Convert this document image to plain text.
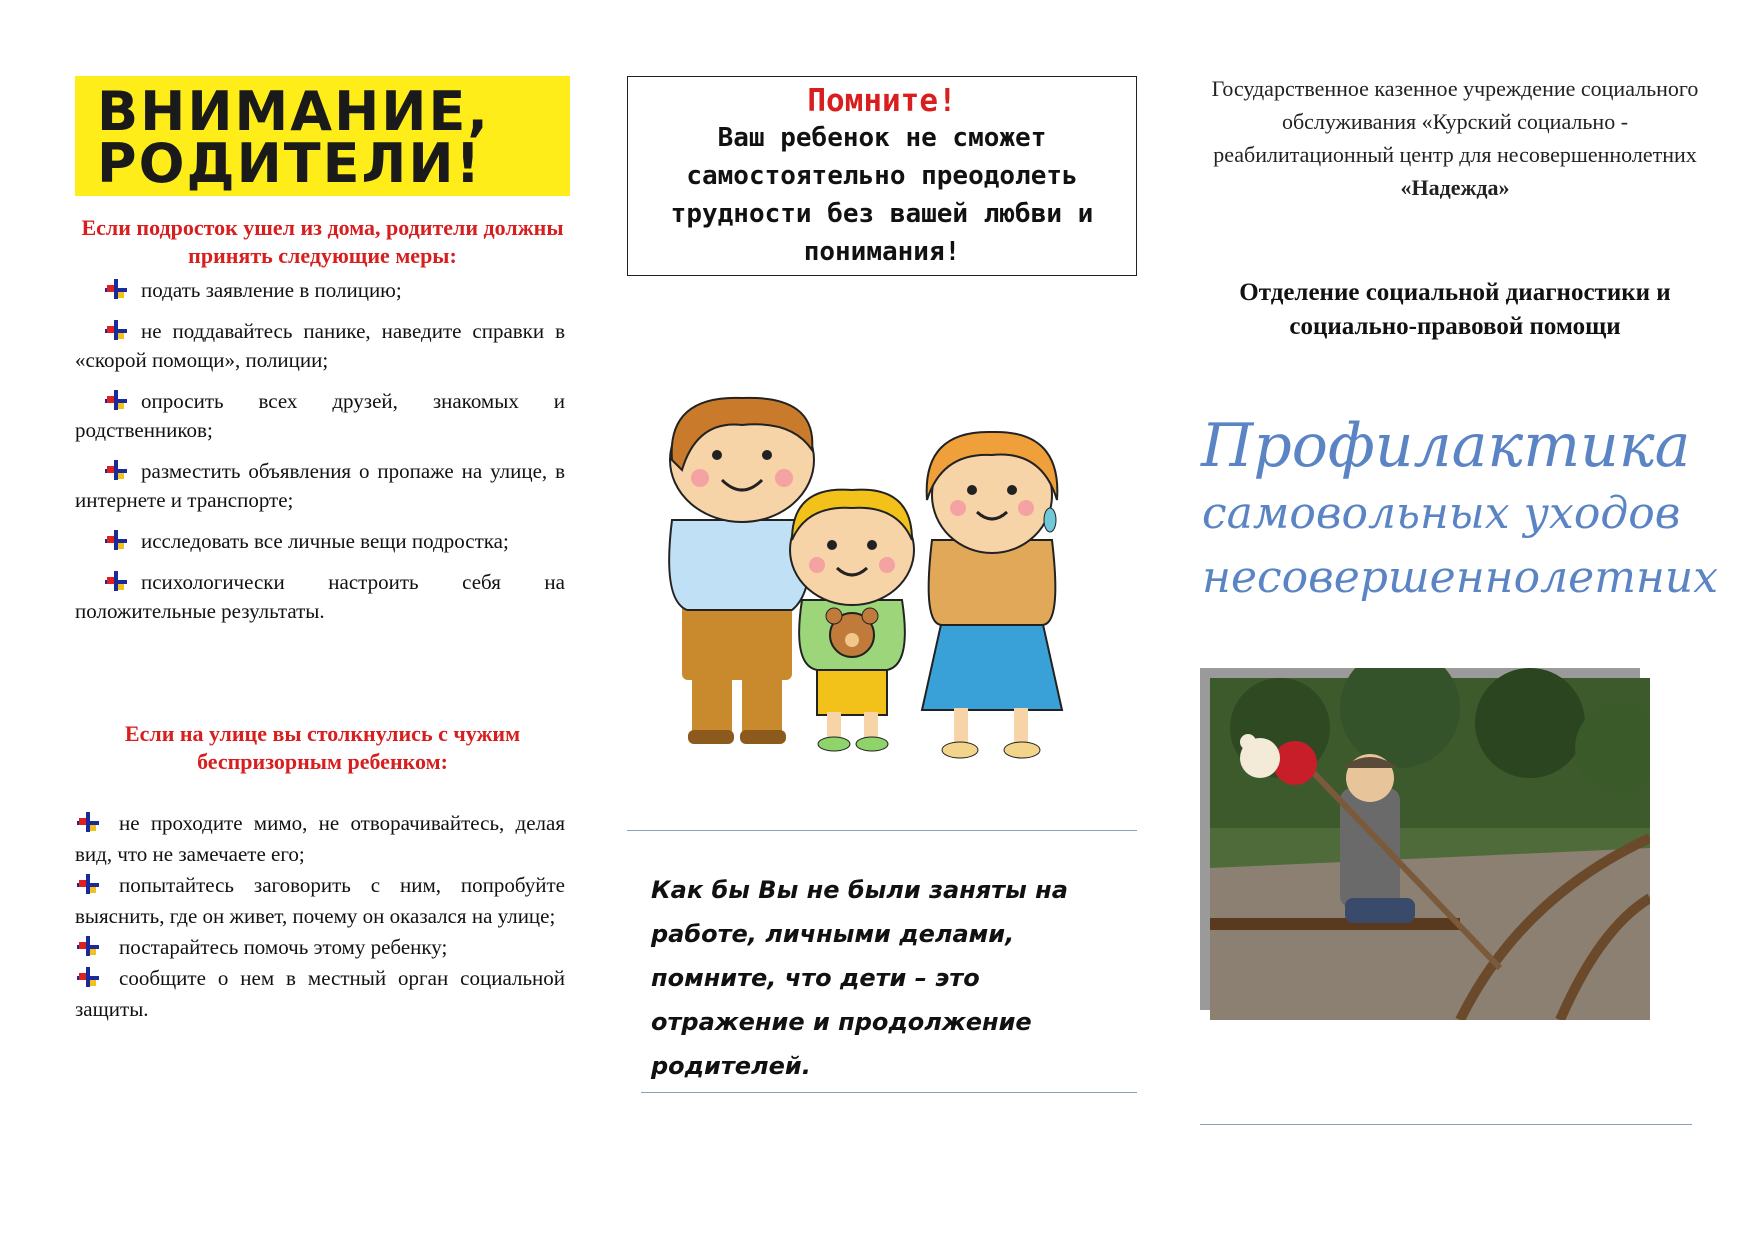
ВНИМАНИЕ,
РОДИТЕЛИ!
Если подросток ушел из дома, родители должны принять следующие меры:

подать заявление в полицию;

не поддавайтесь панике, наведите справки в «скорой помощи», полиции;

опросить всех друзей, знакомых и родственников;

разместить объявления о пропаже на улице, в интернете и транспорте;

исследовать все личные вещи подростка;

психологически настроить себя на положительные результаты.

Если на улице вы столкнулись с чужим беспризорным ребенком:

не проходите мимо, не отворачивайтесь, делая вид, что не замечаете его;

попытайтесь заговорить с ним, попробуйте выяснить, где он живет, почему он оказался на улице;

постарайтесь помочь этому ребенку;

сообщите о нем в местный орган социальной защиты.

Помните!
Ваш ребенок не сможет самостоятельно преодолеть трудности без вашей любви и понимания!
Как бы Вы не были заняты на работе, личными делами, помните, что дети – это отражение и продолжение родителей.
Государственное казенное учреждение социального обслуживания «Курский социально - реабилитационный центр для несовершеннолетних
«Надежда»
Отделение социальной диагностики и социально-правовой помощи
Профилактика
самовольных уходов
несовершеннолетних
